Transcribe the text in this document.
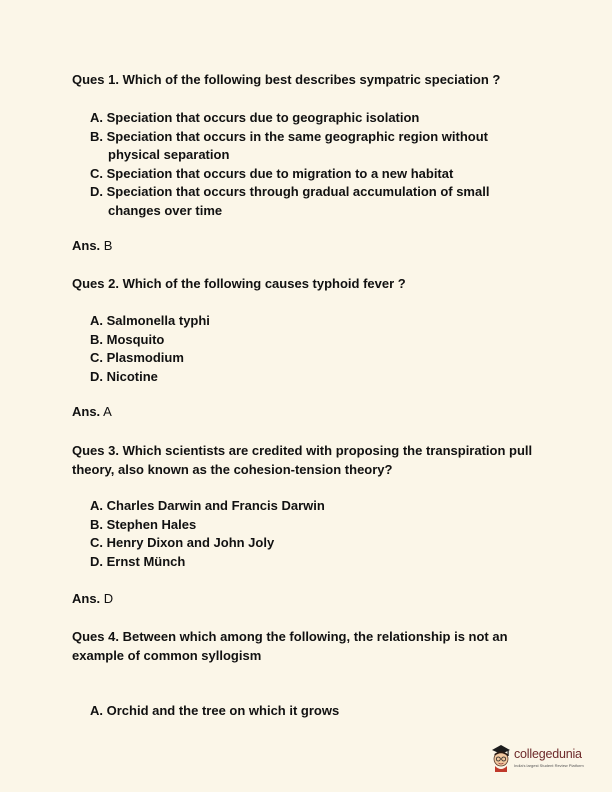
Ques 1. Which of the following best describes sympatric speciation ?
A. Speciation that occurs due to geographic isolation
B. Speciation that occurs in the same geographic region without physical separation
C. Speciation that occurs due to migration to a new habitat
D. Speciation that occurs through gradual accumulation of small changes over time
Ans. B
Ques 2. Which of the following causes typhoid fever ?
A. Salmonella typhi
B. Mosquito
C. Plasmodium
D. Nicotine
Ans. A
Ques 3. Which scientists are credited with proposing the transpiration pull theory, also known as the cohesion-tension theory?
A. Charles Darwin and Francis Darwin
B. Stephen Hales
C. Henry Dixon and John Joly
D. Ernst Münch
Ans. D
Ques 4. Between which among the following, the relationship is not an example of common syllogism
A. Orchid and the tree on which it grows
collegedunia
India's largest Student Review Platform
